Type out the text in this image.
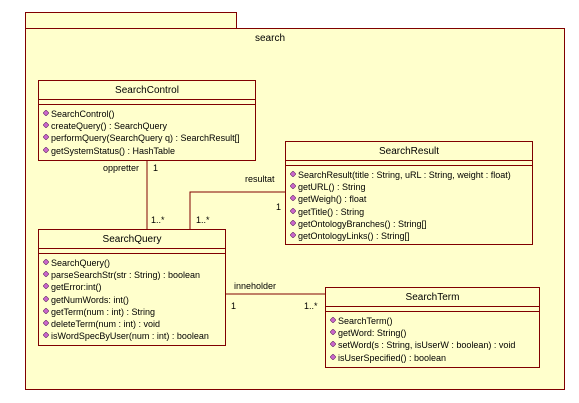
search
SearchControl
SearchControl()
createQuery() : SearchQuery
performQuery(SearchQuery q) : SearchResult[]
getSystemStatus() : HashTable	SearchResult
SearchResult(title : String, uRL : String, weight : float)
getURL() : String
getWeigh() : float
getTitle() : String
getOntologyBranches() : String[]
getOntologyLinks() : String[]
SearchQuery
SearchQuery()
parseSearchStr(str : String) : boolean
getError:int()
getNumWords: int()
getTerm(num : int) : String
deleteTerm(num : int) : void
isWordSpecByUser(num : int) : boolean
SearchTerm
SearchTerm()
getWord: String()
setWord(s : String, isUserW : boolean) : void
isUserSpecified() : boolean
oppretter 1
1..*
resultat
1
1..*
inneholder
1	1..*
